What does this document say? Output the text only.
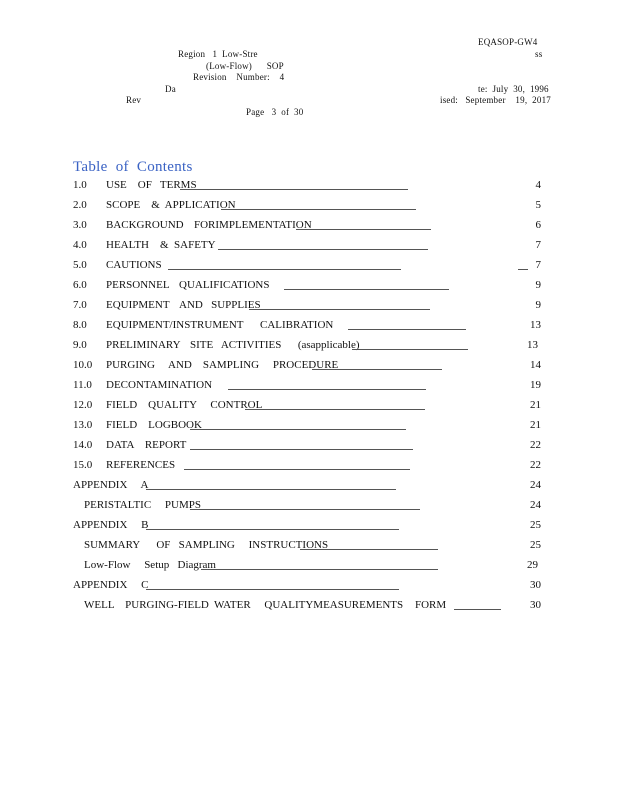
EQASOP-GW4
Region   1  Low-Stre	ss
(Low-Flow)      SOP
Revision    Number:    4
Da	te:  July  30,  1996
Rev	ised:   September    19,  2017
Page   3  of  30
Table  of  Contents
1.0 USE    OF   TERMS	4
2.0 SCOPE    &  APPLICATION	5
3.0 BACKGROUND FORIMPLEMENTATION	6
4.0 HEALTH    &  SAFETY	7
5.0 CAUTIONS	7
6.0 PERSONNEL QUALIFICATIONS	9
7.0 EQUIPMENT AND   SUPPLIES	9
8.0 EQUIPMENT/INSTRUMENT CALIBRATION	13
9.0 PRELIMINARY SITE   ACTIVITIES      (asapplicable)	13
10.0 PURGING     AND    SAMPLING     PROCEDURE	14
11.0 DECONTAMINATION	19
12.0 FIELD    QUALITY     CONTROL	21
13.0 FIELD    LOGBOOK	21
14.0 DATA    REPORT	22
15.0 REFERENCES	22
APPENDIX     A	24
PERISTALTIC     PUMPS	24
APPENDIX     B	25
SUMMARY      OF   SAMPLING     INSTRUCTIONS	25
Low-Flow     Setup   Diagram	29
APPENDIX     C	30
WELL    PURGING-FIELD WATER     QUALITYMEASUREMENTS FORM	30
